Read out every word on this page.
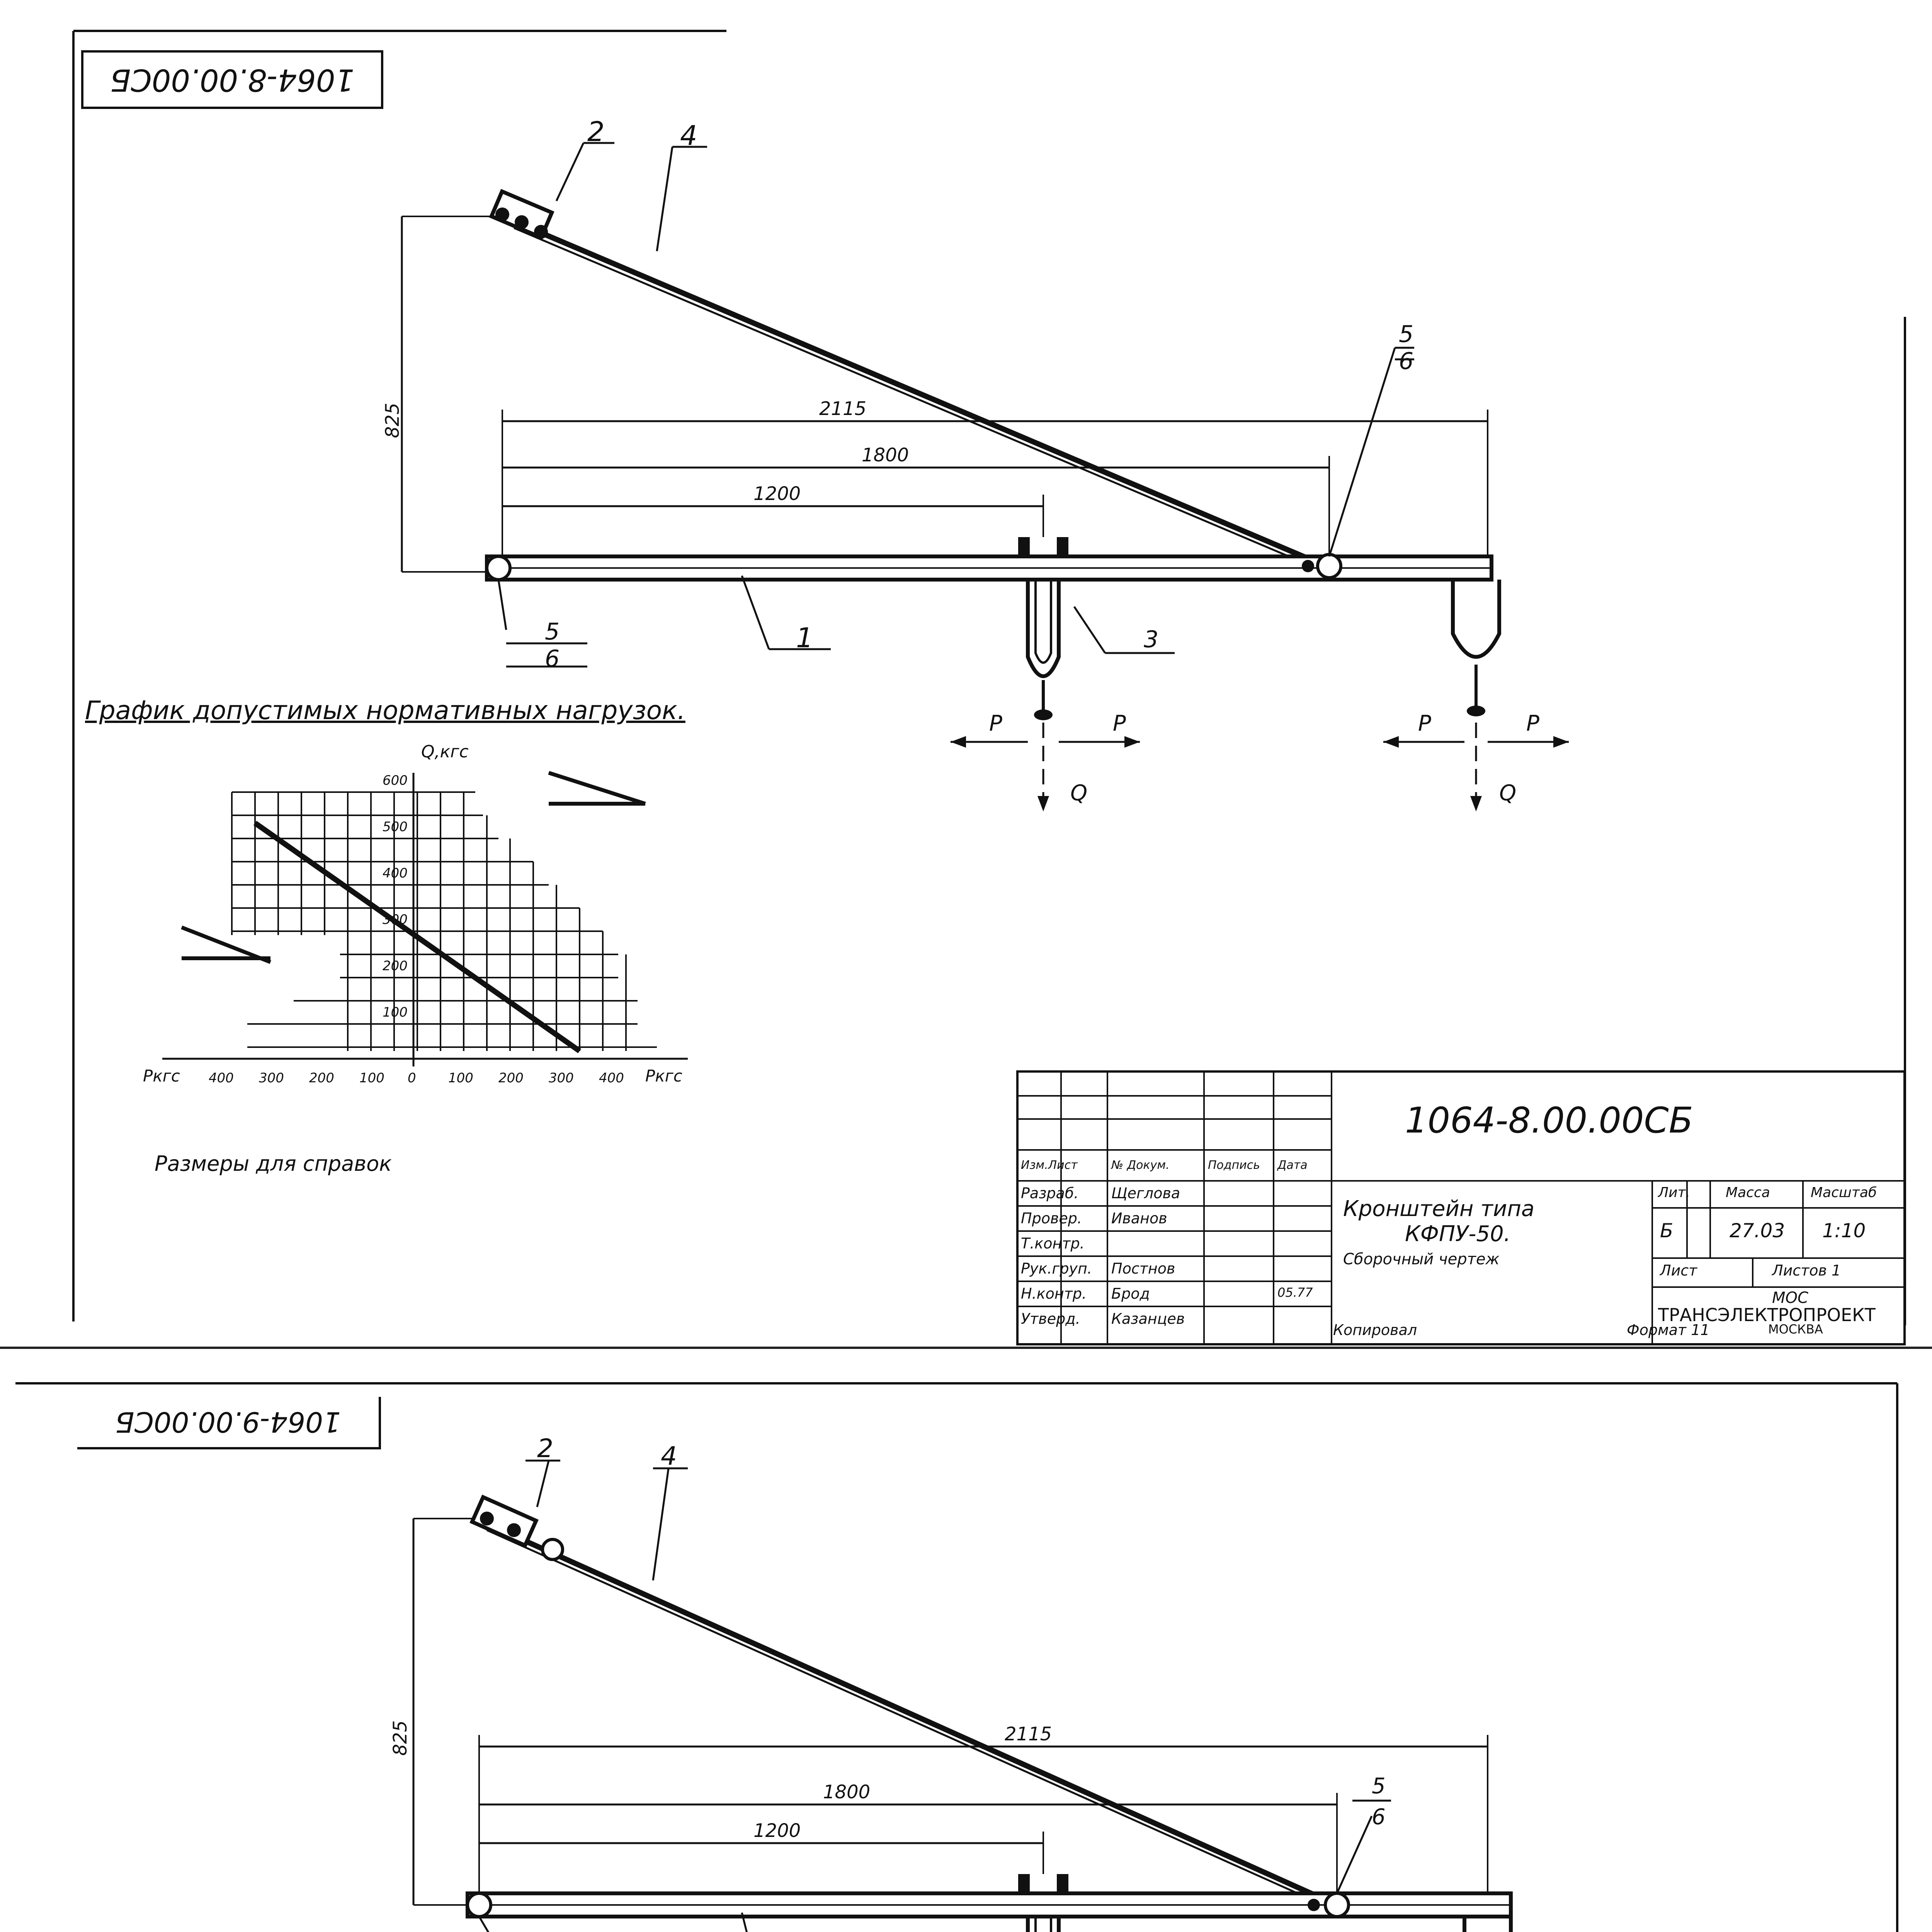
1064-8.00.00СБ
2	4
5
6
1	3
5
6
2115
1800
1200
825
P	P
Q
P	P
Q
График допустимых нормативных нагрузок.
Q,кгс
Ркгс	Ркгс
600
500
400
300
200
100
400 300 200 100 0 100 200 300 400
Размеры для справок
1064-8.00.00СБ
Кронштейн типа
КФПУ-50.
Сборочный чертеж
Лит.	Масса	Масштаб
Б	27.03 1:10
Лист	Листов 1
МОС
ТРАНСЭЛЕКТРОПРОЕКТ
МОСКВА
Изм.Лист	№ Докум.	Подпись Дата
Разраб. Щеглова
Провер. Иванов
Т.контр.
Рук.груп. Постнов
Н.контр. Брод	05.77
Утверд. Казанцев
Копировал	Формат 11
1064-9.00.00СБ
2	4
5
6
2115
1800
1200
825
